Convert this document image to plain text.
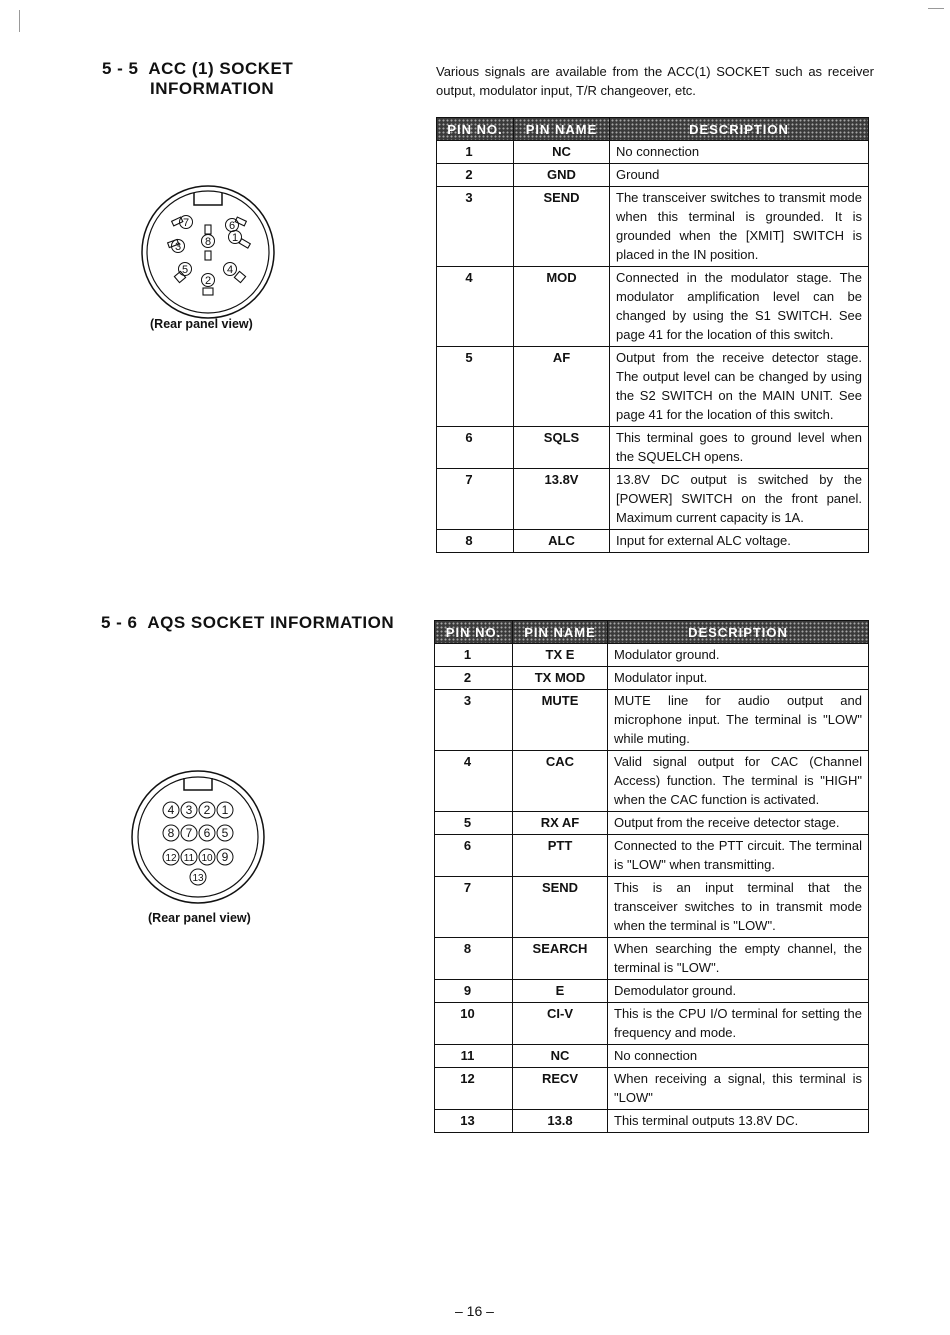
5 - 5  ACC (1) SOCKET
INFORMATION
Various signals are available from the ACC(1) SOCKET such as receiver output, modulator input, T/R changeover, etc.
1
2
3
4
5
6
7
8
(Rear panel view)
PIN NO.	PIN NAME	DESCRIPTION
1	NC	No connection
2	GND	Ground
3	SEND	The transceiver switches to transmit mode when this terminal is grounded. It is grounded when the [XMIT] SWITCH is placed in the IN position.
4	MOD	Connected in the modulator stage. The modulator amplification level can be changed by using the S1 SWITCH. See page 41 for the location of this switch.
5	AF	Output from the receive detector stage. The output level can be changed by using the S2 SWITCH on the MAIN UNIT. See page 41 for the location of this switch.
6	SQLS	This terminal goes to ground level when the SQUELCH opens.
7	13.8V	13.8V DC output is switched by the [POWER] SWITCH on the front panel. Maximum current capacity is 1A.
8	ALC	Input for external ALC voltage.
5 - 6  AQS SOCKET INFORMATION
4 3 2 1
8 7 6 5
12 11 10 9
13
(Rear panel view)
PIN NO.	PIN NAME	DESCRIPTION
1	TX E	Modulator ground.
2	TX MOD	Modulator input.
3	MUTE	MUTE line for audio output and microphone input. The terminal is "LOW" while muting.
4	CAC	Valid signal output for CAC (Channel Access) function. The terminal is "HIGH" when the CAC function is activated.
5	RX AF	Output from the receive detector stage.
6	PTT	Connected to the PTT circuit. The terminal is "LOW" when transmitting.
7	SEND	This is an input terminal that the transceiver switches to in transmit mode when the terminal is "LOW".
8	SEARCH	When searching the empty channel, the terminal is "LOW".
9	E	Demodulator ground.
10	CI-V	This is the CPU I/O terminal for setting the frequency and mode.
11	NC	No connection
12	RECV	When receiving a signal, this terminal is "LOW"
13	13.8	This terminal outputs 13.8V DC.
– 16 –
